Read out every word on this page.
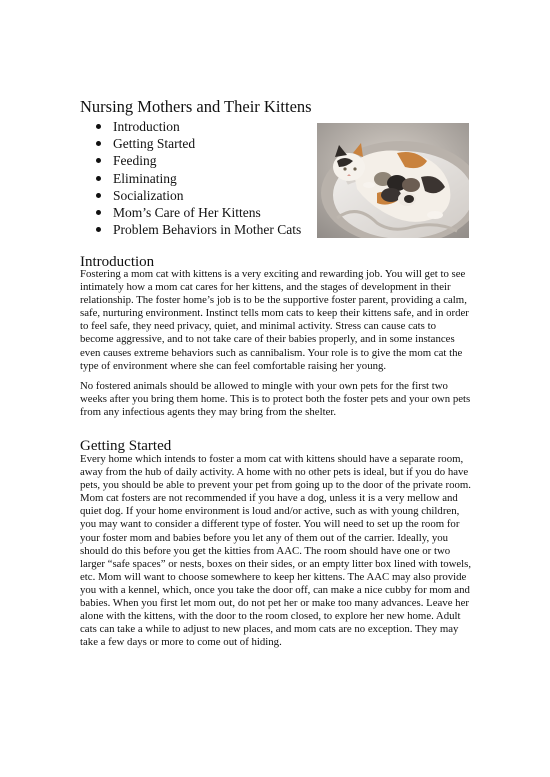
Nursing Mothers and Their Kittens
Introduction
Getting Started
Feeding
Eliminating
Socialization
Mom’s Care of Her Kittens
Problem Behaviors in Mother Cats
Introduction

Fostering a mom cat with kittens is a very exciting and rewarding job. You will get to see intimately how a mom cat cares for her kittens, and the stages of development in their relationship. The foster home’s job is to be the supportive foster parent, providing a calm, safe, nurturing environment. Instinct tells mom cats to keep their kittens safe, and in order to feel safe, they need privacy, quiet, and minimal activity. Stress can cause cats to become aggressive, and to not take care of their babies properly, and in some instances even causes extreme behaviors such as cannibalism. Your role is to give the mom cat the type of environment where she can feel comfortable raising her young.

No fostered animals should be allowed to mingle with your own pets for the first two weeks after you bring them home. This is to protect both the foster pets and your own pets from any infectious agents they may bring from the shelter.

Getting Started

Every home which intends to foster a mom cat with kittens should have a separate room, away from the hub of daily activity. A home with no other pets is ideal, but if you do have pets, you should be able to prevent your pet from going up to the door of the private room. Mom cat fosters are not recommended if you have a dog, unless it is a very mellow and quiet dog. If your home environment is loud and/or active, such as with young children, you may want to consider a different type of foster. You will need to set up the room for your foster mom and babies before you let any of them out of the carrier. Ideally, you should do this before you get the kitties from AAC. The room should have one or two larger “safe spaces” or nests, boxes on their sides, or an empty litter box lined with towels, etc. Mom will want to choose somewhere to keep her kittens. The AAC may also provide you with a kennel, which, once you take the door off, can make a nice cubby for mom and babies. When you first let mom out, do not pet her or make too many advances. Leave her alone with the kittens, with the door to the room closed, to explore her new home. Adult cats can take a while to adjust to new places, and mom cats are no exception. They may take a few days or more to come out of hiding.
